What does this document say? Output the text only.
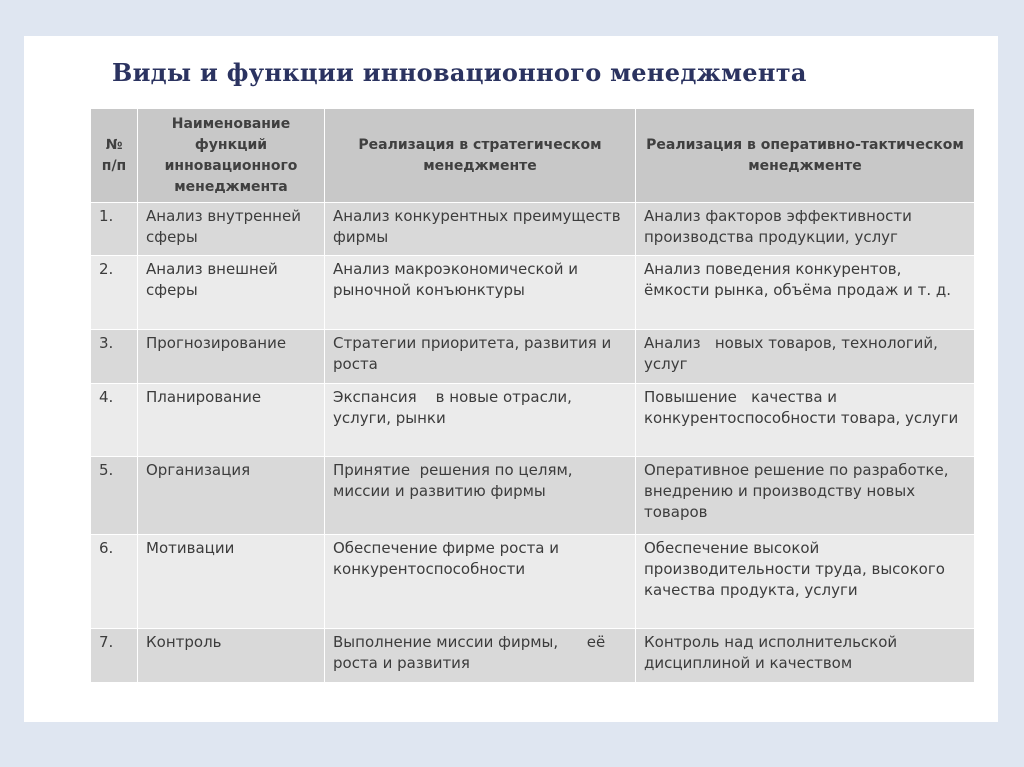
Виды и функции инновационного менеджмента
№ п/п	Наименование функций инновационного менеджмента	Реализация в стратегическом менеджменте	Реализация в оперативно-тактическом менеджменте
1.	Анализ внутренней сферы	Анализ конкурентных преимуществ фирмы	Анализ факторов эффективности производства продукции, услуг
2.	Анализ внешней сферы	Анализ макроэкономической и рыночной конъюнктуры	Анализ поведения конкурентов, ёмкости рынка, объёма продаж и т. д.
3.	Прогнозирование	Стратегии приоритета, развития и роста	Анализ   новых товаров, технологий, услуг
4.	Планирование	Экспансия    в новые отрасли, услуги, рынки	Повышение   качества и конкурентоспособности товара, услуги
5.	Организация	Принятие  решения по целям, миссии и развитию фирмы	Оперативное решение по разработке, внедрению и производству новых товаров
6.	Мотивации	Обеспечение фирме роста и конкурентоспособности	Обеспечение высокой производительности труда, высокого качества продукта, услуги
7.	Контроль	Выполнение миссии фирмы,      её роста и развития	Контроль над исполнительской дисциплиной и качеством
